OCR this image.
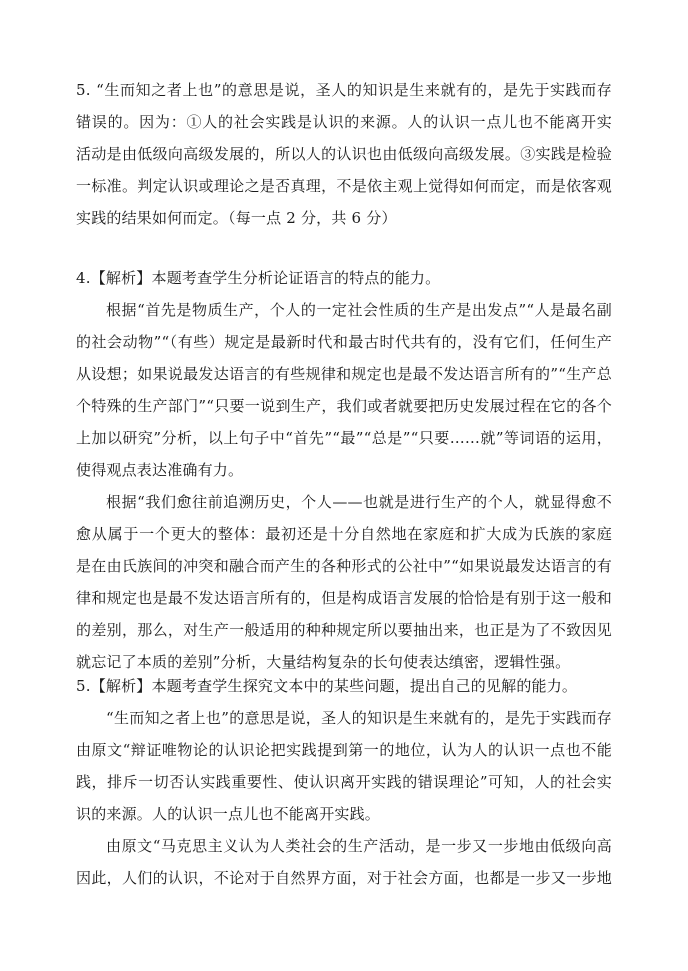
5. “生而知之者上也”的意思是说，圣人的知识是生来就有的，是先于实践而存
错误的。因为：①人的社会实践是认识的来源。人的认识一点儿也不能离开实
活动是由低级向高级发展的，所以人的认识也由低级向高级发展。③实践是检验
一标准。判定认识或理论之是否真理，不是依主观上觉得如何而定，而是依客观
实践的结果如何而定。（每一点 2 分，共 6 分）
4.【解析】本题考查学生分析论证语言的特点的能力。
根据“首先是物质生产，个人的一定社会性质的生产是出发点”“人是最名副
的社会动物”“（有些）规定是最新时代和最古时代共有的，没有它们，任何生产
从设想；如果说最发达语言的有些规律和规定也是最不发达语言所有的”“生产总
个特殊的生产部门”“只要一说到生产，我们或者就要把历史发展过程在它的各个
上加以研究”分析，以上句子中“首先”“最”“总是”“只要……就”等词语的运用，
使得观点表达准确有力。
根据“我们愈往前追溯历史，个人——也就是进行生产的个人，就显得愈不
愈从属于一个更大的整体：最初还是十分自然地在家庭和扩大成为氏族的家庭
是在由氏族间的冲突和融合而产生的各种形式的公社中”“如果说最发达语言的有
律和规定也是最不发达语言所有的，但是构成语言发展的恰恰是有别于这一般和
的差别，那么，对生产一般适用的种种规定所以要抽出来，也正是为了不致因见
就忘记了本质的差别”分析，大量结构复杂的长句使表达缜密，逻辑性强。
5.【解析】本题考查学生探究文本中的某些问题，提出自己的见解的能力。
“生而知之者上也”的意思是说，圣人的知识是生来就有的，是先于实践而存
由原文“辩证唯物论的认识论把实践提到第一的地位，认为人的认识一点也不能
践，排斥一切否认实践重要性、使认识离开实践的错误理论”可知，人的社会实
识的来源。人的认识一点儿也不能离开实践。
由原文“马克思主义认为人类社会的生产活动，是一步又一步地由低级向高
因此，人们的认识，不论对于自然界方面，对于社会方面，也都是一步又一步地
